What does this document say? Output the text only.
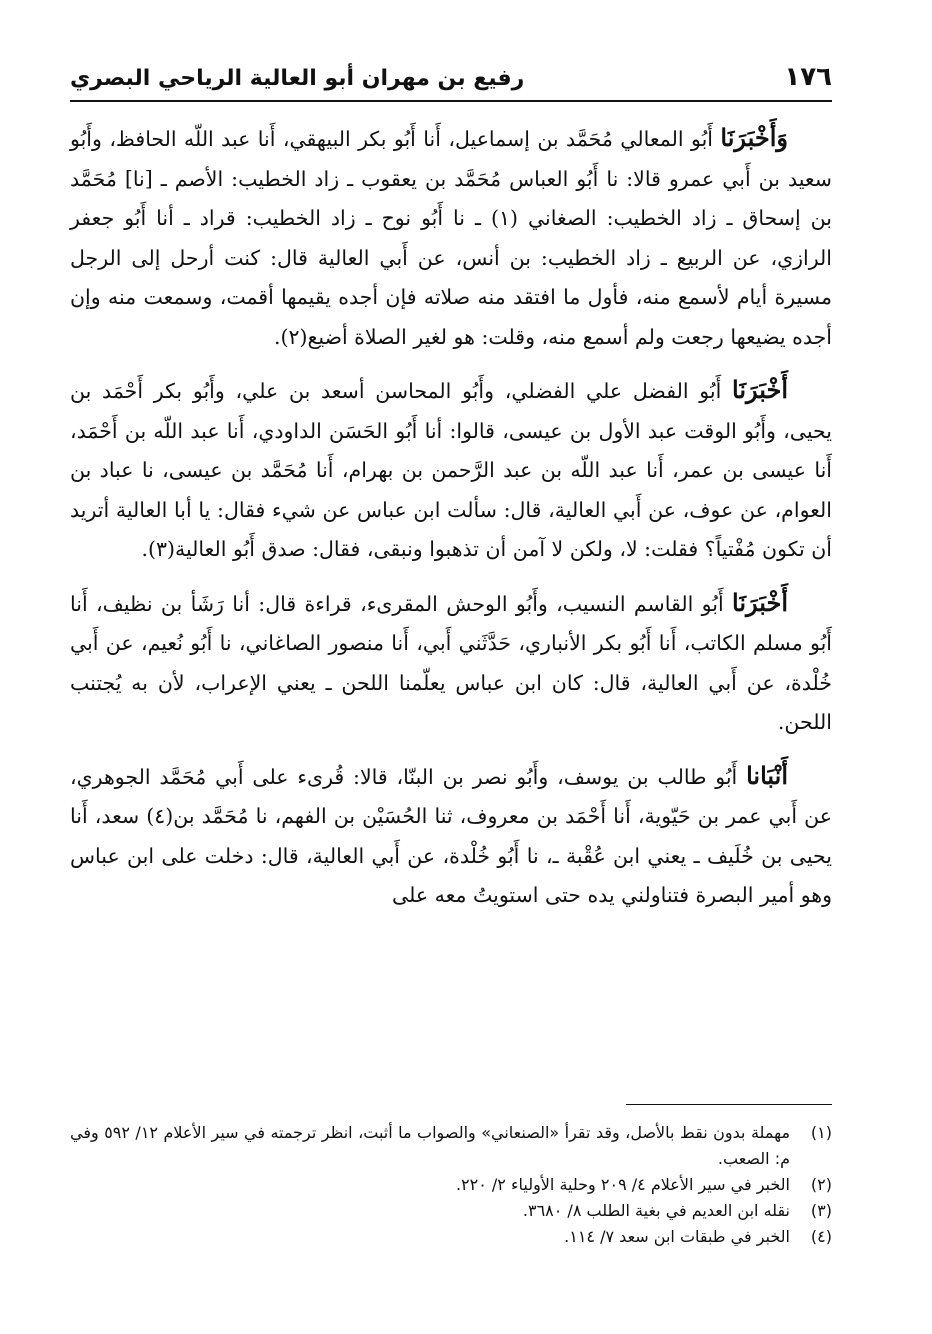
١٧٦
رفيع بن مهران أبو العالية الرياحي البصري

وَأَخْبَرَنَا أَبُو المعالي مُحَمَّد بن إسماعيل، أَنا أَبُو بكر البيهقي، أَنا عبد اللّه الحافظ، وأَبُو سعيد بن أَبي عمرو قالا: نا أَبُو العباس مُحَمَّد بن يعقوب ـ زاد الخطيب: الأصم ـ [نا] مُحَمَّد بن إسحاق ـ زاد الخطيب: الصغاني (١) ـ نا أَبُو نوح ـ زاد الخطيب: قراد ـ أنا أَبُو جعفر الرازي، عن الربيع ـ زاد الخطيب: بن أنس، عن أَبي العالية قال: كنت أرحل إلى الرجل مسيرة أيام لأسمع منه، فأول ما افتقد منه صلاته فإن أجده يقيمها أقمت، وسمعت منه وإن أجده يضيعها رجعت ولم أسمع منه، وقلت: هو لغير الصلاة أضيع(٢).

أَخْبَرَنَا أَبُو الفضل علي الفضلي، وأَبُو المحاسن أسعد بن علي، وأَبُو بكر أَحْمَد بن يحيى، وأَبُو الوقت عبد الأول بن عيسى، قالوا: أنا أَبُو الحَسَن الداودي، أَنا عبد اللّه بن أَحْمَد، أَنا عيسى بن عمر، أَنا عبد اللّه بن عبد الرَّحمن بن بهرام، أَنا مُحَمَّد بن عيسى، نا عباد بن العوام، عن عوف، عن أَبي العالية، قال: سألت ابن عباس عن شيء فقال: يا أبا العالية أتريد أن تكون مُفْتياً؟ فقلت: لا، ولكن لا آمن أن تذهبوا ونبقى، فقال: صدق أَبُو العالية(٣).

أَخْبَرَنَا أَبُو القاسم النسيب، وأَبُو الوحش المقرىء، قراءة قال: أنا رَشَأ بن نظيف، أَنا أَبُو مسلم الكاتب، أَنا أَبُو بكر الأنباري، حَدَّثَني أَبي، أَنا منصور الصاغاني، نا أَبُو نُعيم، عن أَبي خُلْدة، عن أَبي العالية، قال: كان ابن عباس يعلّمنا اللحن ـ يعني الإعراب، لأن به يُجتنب اللحن.

أَنْبَانا أَبُو طالب بن يوسف، وأَبُو نصر بن البنّا، قالا: قُرىء على أَبي مُحَمَّد الجوهري، عن أَبي عمر بن حَيّوية، أَنا أَحْمَد بن معروف، ثنا الحُسَيْن بن الفهم، نا مُحَمَّد بن(٤) سعد، أَنا يحيى بن خُلَيف ـ يعني ابن عُقْبة ـ، نا أَبُو خُلْدة، عن أَبي العالية، قال: دخلت على ابن عباس وهو أمير البصرة فتناولني يده حتى استويتُ معه على

(١)
مهملة بدون نقط بالأصل، وقد تقرأ «الصنعاني» والصواب ما أثبت، انظر ترجمته في سير الأعلام ١٢/ ٥٩٢ وفي م: الصعب.
(٢)
الخبر في سير الأعلام ٤/ ٢٠٩ وحلية الأولياء ٢/ ٢٢٠.
(٣)
نقله ابن العديم في بغية الطلب ٨/ ٣٦٨٠.
(٤)
الخبر في طبقات ابن سعد ٧/ ١١٤.
